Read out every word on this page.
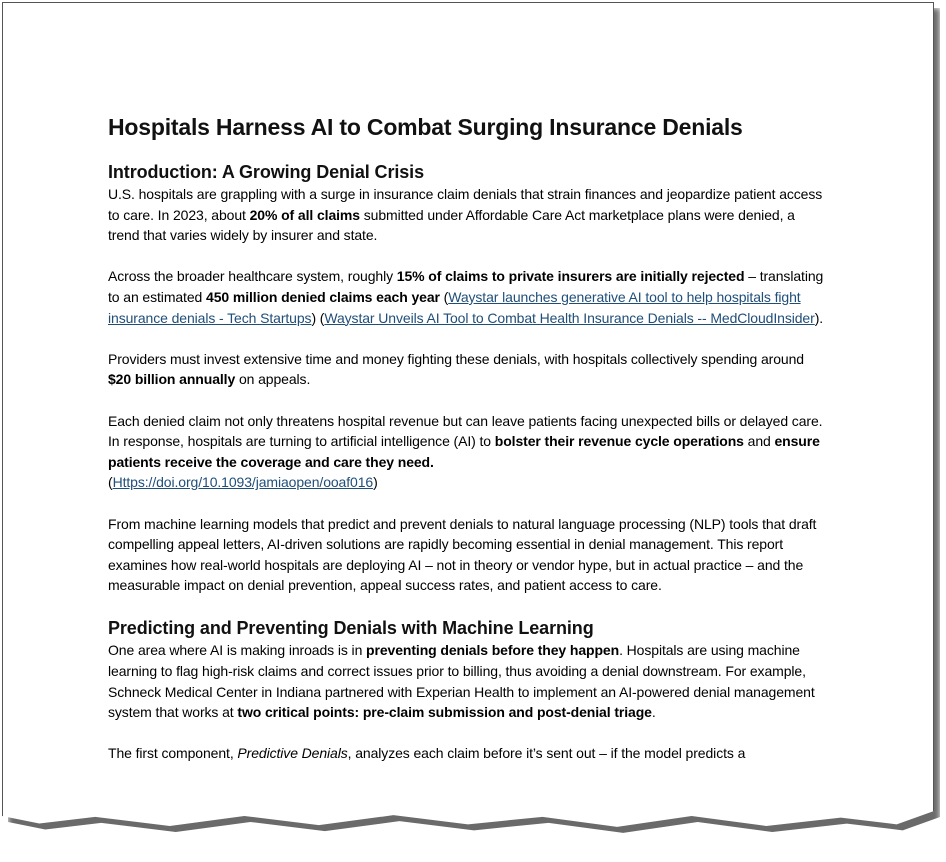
Hospitals Harness AI to Combat Surging Insurance Denials
Introduction: A Growing Denial Crisis

U.S. hospitals are grappling with a surge in insurance claim denials that strain finances and jeopardize patient access to care. In 2023, about 20% of all claims submitted under Affordable Care Act marketplace plans were denied, a trend that varies widely by insurer and state.

Across the broader healthcare system, roughly 15% of claims to private insurers are initially rejected – translating to an estimated 450 million denied claims each year (Waystar launches generative AI tool to help hospitals fight insurance denials - Tech Startups) (Waystar Unveils AI Tool to Combat Health Insurance Denials -- MedCloudInsider).

Providers must invest extensive time and money fighting these denials, with hospitals collectively spending around $20 billion annually on appeals.

Each denied claim not only threatens hospital revenue but can leave patients facing unexpected bills or delayed care. In response, hospitals are turning to artificial intelligence (AI) to bolster their revenue cycle operations and ensure patients receive the coverage and care they need.
(Https://doi.org/10.1093/jamiaopen/ooaf016)

From machine learning models that predict and prevent denials to natural language processing (NLP) tools that draft compelling appeal letters, AI-driven solutions are rapidly becoming essential in denial management. This report examines how real-world hospitals are deploying AI – not in theory or vendor hype, but in actual practice – and the measurable impact on denial prevention, appeal success rates, and patient access to care.

Predicting and Preventing Denials with Machine Learning

One area where AI is making inroads is in preventing denials before they happen. Hospitals are using machine learning to flag high-risk claims and correct issues prior to billing, thus avoiding a denial downstream. For example, Schneck Medical Center in Indiana partnered with Experian Health to implement an AI-powered denial management system that works at two critical points: pre-claim submission and post-denial triage.

The first component, Predictive Denials, analyzes each claim before it’s sent out – if the model predicts a
